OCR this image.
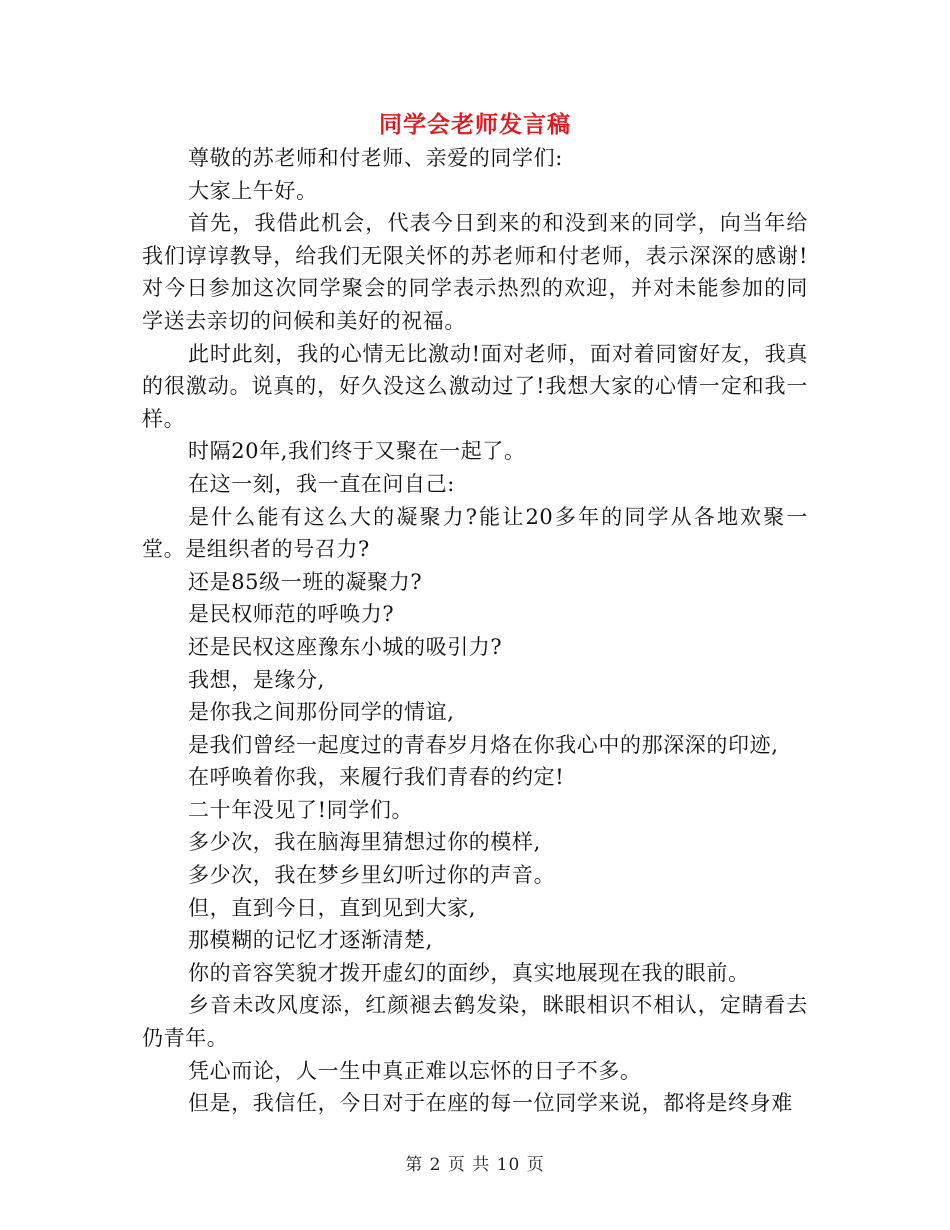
同学会老师发言稿

尊敬的苏老师和付老师、亲爱的同学们:

大家上午好。

首先，我借此机会，代表今日到来的和没到来的同学，向当年给我们谆谆教导，给我们无限关怀的苏老师和付老师，表示深深的感谢!对今日参加这次同学聚会的同学表示热烈的欢迎，并对未能参加的同学送去亲切的问候和美好的祝福。

此时此刻，我的心情无比激动!面对老师，面对着同窗好友，我真的很激动。说真的，好久没这么激动过了!我想大家的心情一定和我一样。

时隔20年,我们终于又聚在一起了。

在这一刻，我一直在问自己:

是什么能有这么大的凝聚力?能让20多年的同学从各地欢聚一堂。是组织者的号召力?

还是85级一班的凝聚力?

是民权师范的呼唤力?

还是民权这座豫东小城的吸引力?

我想，是缘分,

是你我之间那份同学的情谊,

是我们曾经一起度过的青春岁月烙在你我心中的那深深的印迹,

在呼唤着你我，来履行我们青春的约定!

二十年没见了!同学们。

多少次，我在脑海里猜想过你的模样,

多少次，我在梦乡里幻听过你的声音。

但，直到今日，直到见到大家,

那模糊的记忆才逐渐清楚,

你的音容笑貌才拨开虚幻的面纱，真实地展现在我的眼前。

乡音未改风度添，红颜褪去鹤发染，眯眼相识不相认，定睛看去仍青年。

凭心而论，人一生中真正难以忘怀的日子不多。

但是，我信任，今日对于在座的每一位同学来说，都将是终身难

第 2 页 共 10 页
